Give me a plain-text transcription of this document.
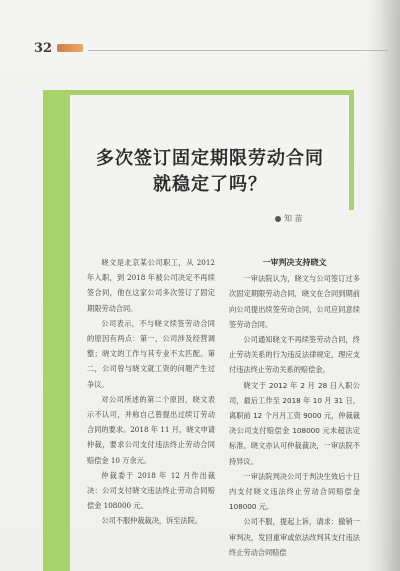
32
多次签订固定期限劳动合同
就稳定了吗？
知 苗

晓文是北京某公司职工，从 2012 年入职，到 2018 年被公司决定不再续签合同，他在这家公司多次签订了固定期限劳动合同。

公司表示，不与晓文续签劳动合同的原因有两点：第一，公司涉及经营调整；晓文的工作与其专业不太匹配。第二，公司曾与晓文就工资的问题产生过争议。

对公司所述的第二个原因，晓文表示不认可，并称自己曾提出过续订劳动合同的要求。2018 年 11 月，晓文申请仲裁，要求公司支付违法终止劳动合同赔偿金 10 万余元。

仲裁委于 2018 年 12 月作出裁决：公司支付晓文违法终止劳动合同赔偿金 108000 元。

公司不服仲裁裁决，诉至法院。

一审判决支持晓文

一审法院认为，晓文与公司签订过多次固定期限劳动合同，晓文在合同到期前向公司提出续签劳动合同，公司应同意续签劳动合同。

公司通知晓文不再续签劳动合同，终止劳动关系的行为违反法律规定，理应支付违法终止劳动关系的赔偿金。

晓文于 2012 年 2 月 28 日入职公司，最后工作至 2018 年 10 月 31 日，离职前 12 个月月工资 9000 元，仲裁裁决公司支付赔偿金 108000 元未超法定标准，晓文亦认可仲裁裁决，一审法院不持异议。

一审法院判决公司于判决生效后十日内支付晓文违法终止劳动合同赔偿金 108000 元。

公司不服，提起上诉，请求：撤销一审判决，发回重审或依法改判其支付违法终止劳动合同赔偿
